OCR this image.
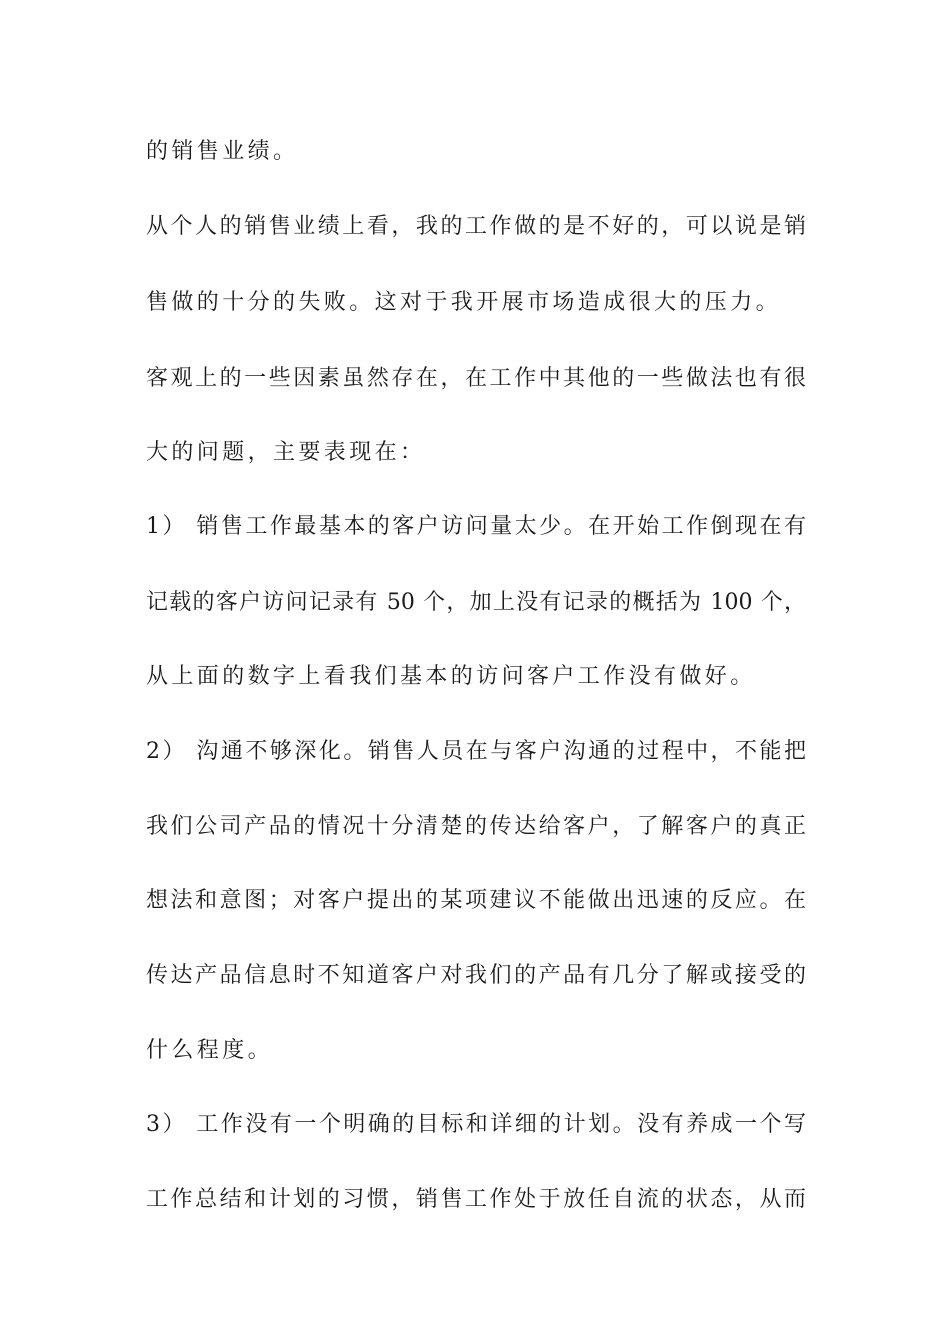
的销售业绩。
从个人的销售业绩上看，我的工作做的是不好的，可以说是销
售做的十分的失败。这对于我开展市场造成很大的压力。
客观上的一些因素虽然存在，在工作中其他的一些做法也有很
大的问题，主要表现在：
1） 销售工作最基本的客户访问量太少。在开始工作倒现在有
记载的客户访问记录有 50 个，加上没有记录的概括为 100 个，
从上面的数字上看我们基本的访问客户工作没有做好。
2） 沟通不够深化。销售人员在与客户沟通的过程中，不能把
我们公司产品的情况十分清楚的传达给客户，了解客户的真正
想法和意图；对客户提出的某项建议不能做出迅速的反应。在
传达产品信息时不知道客户对我们的产品有几分了解或接受的
什么程度。
3） 工作没有一个明确的目标和详细的计划。没有养成一个写
工作总结和计划的习惯，销售工作处于放任自流的状态，从而
